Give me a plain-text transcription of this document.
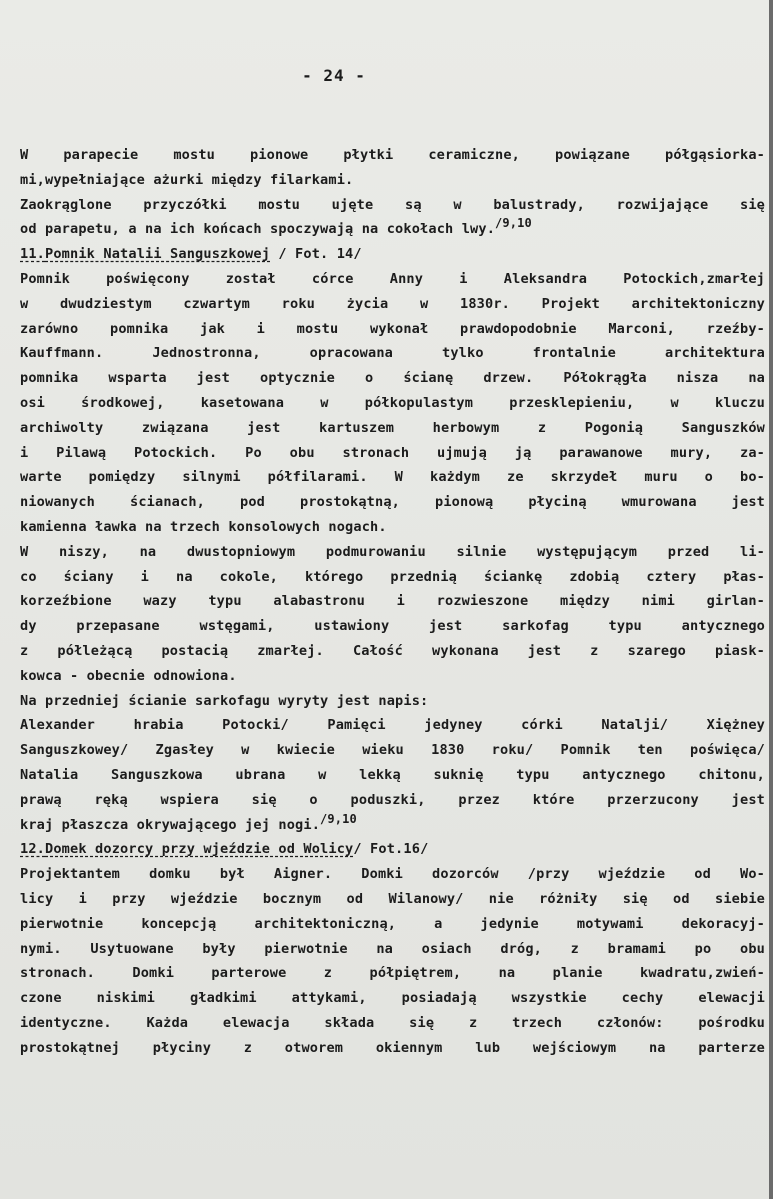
- 24 -
W parapecie mostu pionowe płytki ceramiczne, powiązane półgąsiorka-
mi,wypełniające ażurki między filarkami.
Zaokrąglone przyczółki mostu ujęte są w balustrady, rozwijające się
od parapetu, a na ich końcach spoczywają na cokołach lwy.$^{/9,10}$
11.Pomnik Natalii Sanguszkowej / Fot. 14/
Pomnik poświęcony został córce Anny i Aleksandra Potockich,zmarłej
w dwudziestym czwartym roku życia w 1830r. Projekt architektoniczny
zarówno pomnika jak i mostu wykonał prawdopodobnie Marconi, rzeźby-
Kauffmann. Jednostronna, opracowana tylko frontalnie architektura
pomnika wsparta jest optycznie o ścianę drzew. Półokrągła nisza na
osi środkowej, kasetowana w półkopulastym przesklepieniu, w kluczu
archiwolty związana jest kartuszem herbowym z Pogonią Sanguszków
i Pilawą Potockich. Po obu stronach ujmują ją parawanowe mury, za-
warte pomiędzy silnymi półfilarami. W każdym ze skrzydeł muru o bo-
niowanych ścianach, pod prostokątną, pionową płyciną wmurowana jest
kamienna ławka na trzech konsolowych nogach.
W niszy, na dwustopniowym podmurowaniu silnie występującym przed li-
co ściany i na cokole, którego przednią ściankę zdobią cztery płas-
korzeźbione wazy typu alabastronu i rozwieszone między nimi girlan-
dy przepasane wstęgami, ustawiony jest sarkofag typu antycznego
z półleżącą postacią zmarłej. Całość wykonana jest z szarego piask-
kowca - obecnie odnowiona.
Na przedniej ścianie sarkofagu wyryty jest napis:
Alexander hrabia Potocki/ Pamięci jedyney córki Natalji/ Xiężney
Sanguszkowey/ Zgasłey w kwiecie wieku 1830 roku/ Pomnik ten poświęca/
Natalia Sanguszkowa ubrana w lekką suknię typu antycznego chitonu,
prawą ręką wspiera się o poduszki, przez które przerzucony jest
kraj płaszcza okrywającego jej nogi.$^{/9,10}$
12.Domek dozorcy przy wjeździe od Wolicy/ Fot.16/
Projektantem domku był Aigner. Domki dozorców /przy wjeździe od Wo-
licy i przy wjeździe bocznym od Wilanowy/ nie różniły się od siebie
pierwotnie koncepcją architektoniczną, a jedynie motywami dekoracyj-
nymi. Usytuowane były pierwotnie na osiach dróg, z bramami po obu
stronach. Domki parterowe z półpiętrem, na planie kwadratu,zwień-
czone niskimi gładkimi attykami, posiadają wszystkie cechy elewacji
identyczne. Każda elewacja składa się z trzech członów: pośrodku
prostokątnej płyciny z otworem okiennym lub wejściowym na parterze
